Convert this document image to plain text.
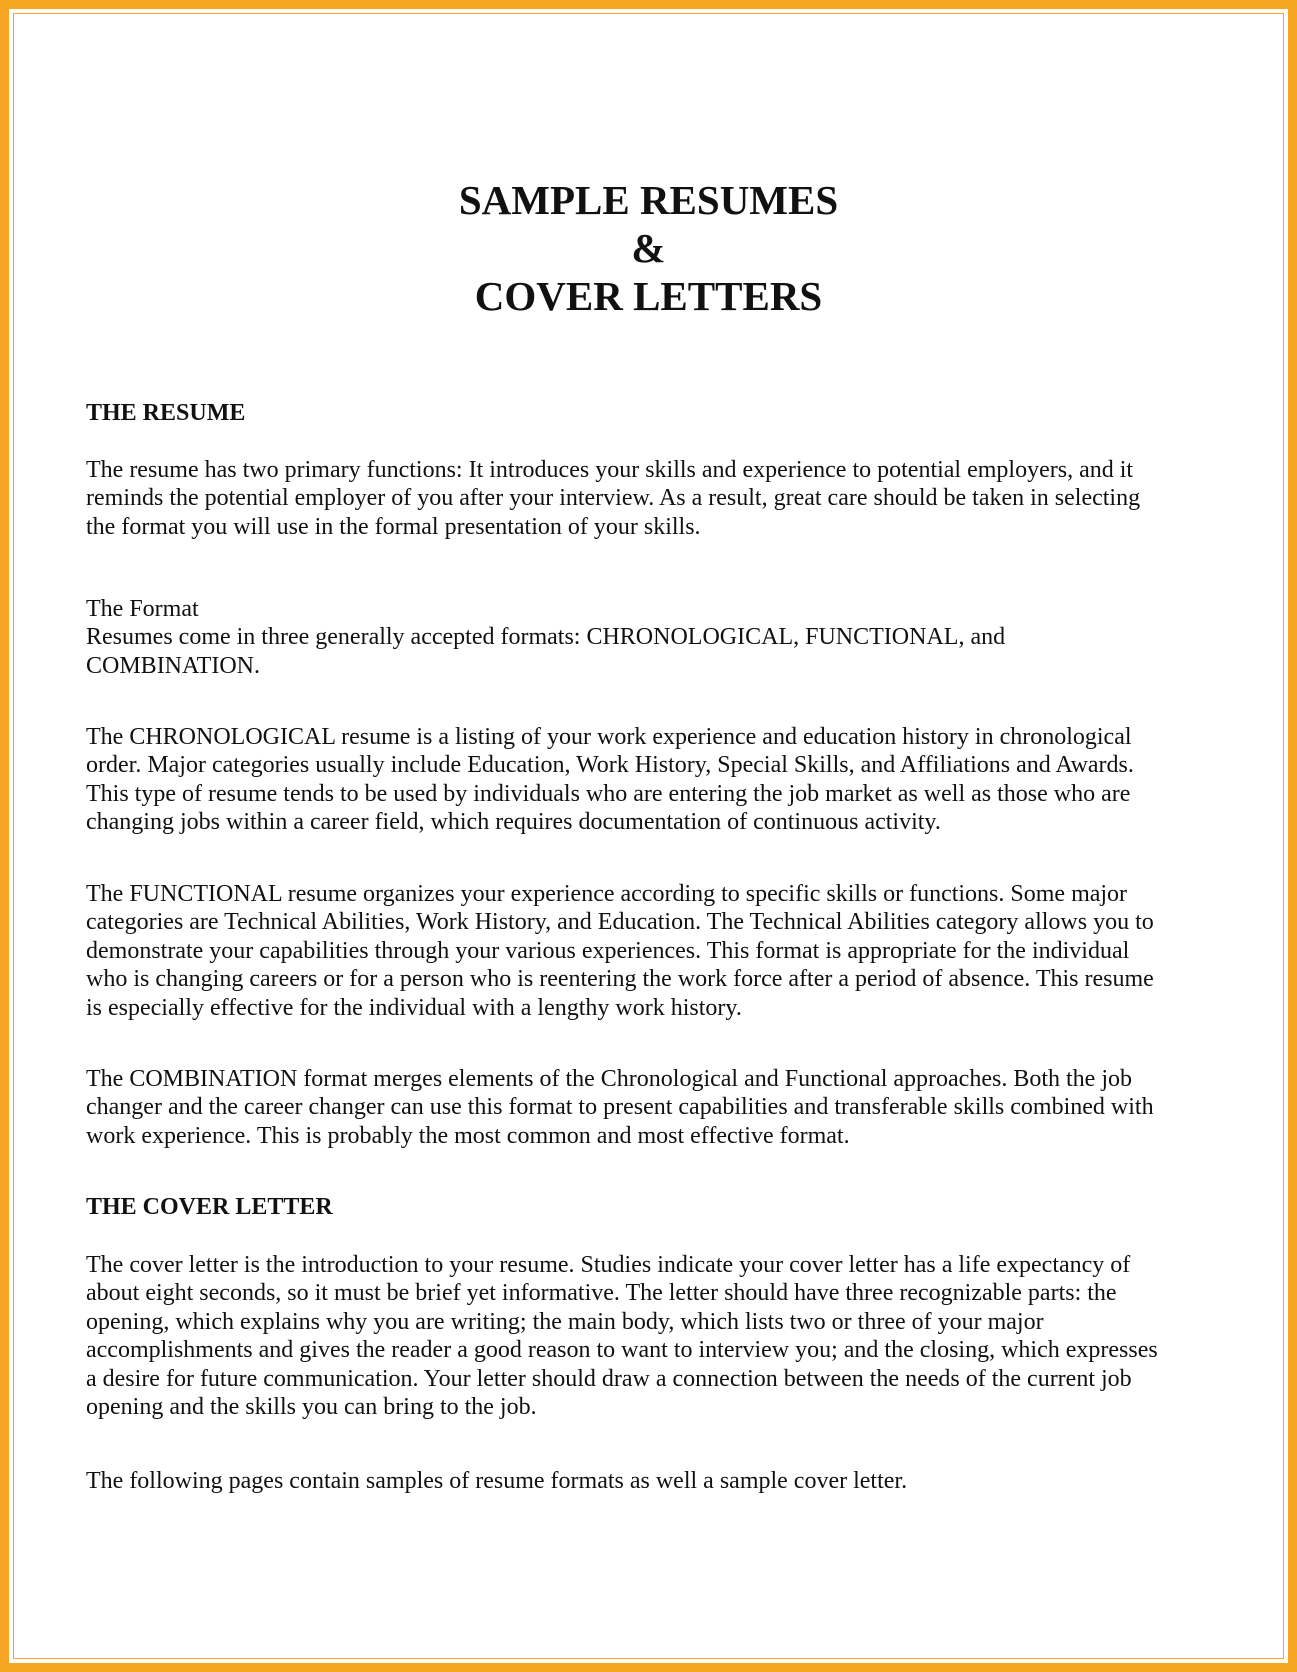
SAMPLE RESUMES
&
COVER LETTERS
THE RESUME
The resume has two primary functions: It introduces your skills and experience to potential employers, and it
reminds the potential employer of you after your interview. As a result, great care should be taken in selecting
the format you will use in the formal presentation of your skills.
The Format
Resumes come in three generally accepted formats: CHRONOLOGICAL, FUNCTIONAL, and
COMBINATION.
The CHRONOLOGICAL resume is a listing of your work experience and education history in chronological
order. Major categories usually include Education, Work History, Special Skills, and Affiliations and Awards.
This type of resume tends to be used by individuals who are entering the job market as well as those who are
changing jobs within a career field, which requires documentation of continuous activity.
The FUNCTIONAL resume organizes your experience according to specific skills or functions. Some major
categories are Technical Abilities, Work History, and Education. The Technical Abilities category allows you to
demonstrate your capabilities through your various experiences. This format is appropriate for the individual
who is changing careers or for a person who is reentering the work force after a period of absence. This resume
is especially effective for the individual with a lengthy work history.
The COMBINATION format merges elements of the Chronological and Functional approaches. Both the job
changer and the career changer can use this format to present capabilities and transferable skills combined with
work experience. This is probably the most common and most effective format.
THE COVER LETTER
The cover letter is the introduction to your resume. Studies indicate your cover letter has a life expectancy of
about eight seconds, so it must be brief yet informative. The letter should have three recognizable parts: the
opening, which explains why you are writing; the main body, which lists two or three of your major
accomplishments and gives the reader a good reason to want to interview you; and the closing, which expresses
a desire for future communication. Your letter should draw a connection between the needs of the current job
opening and the skills you can bring to the job.
The following pages contain samples of resume formats as well a sample cover letter.
